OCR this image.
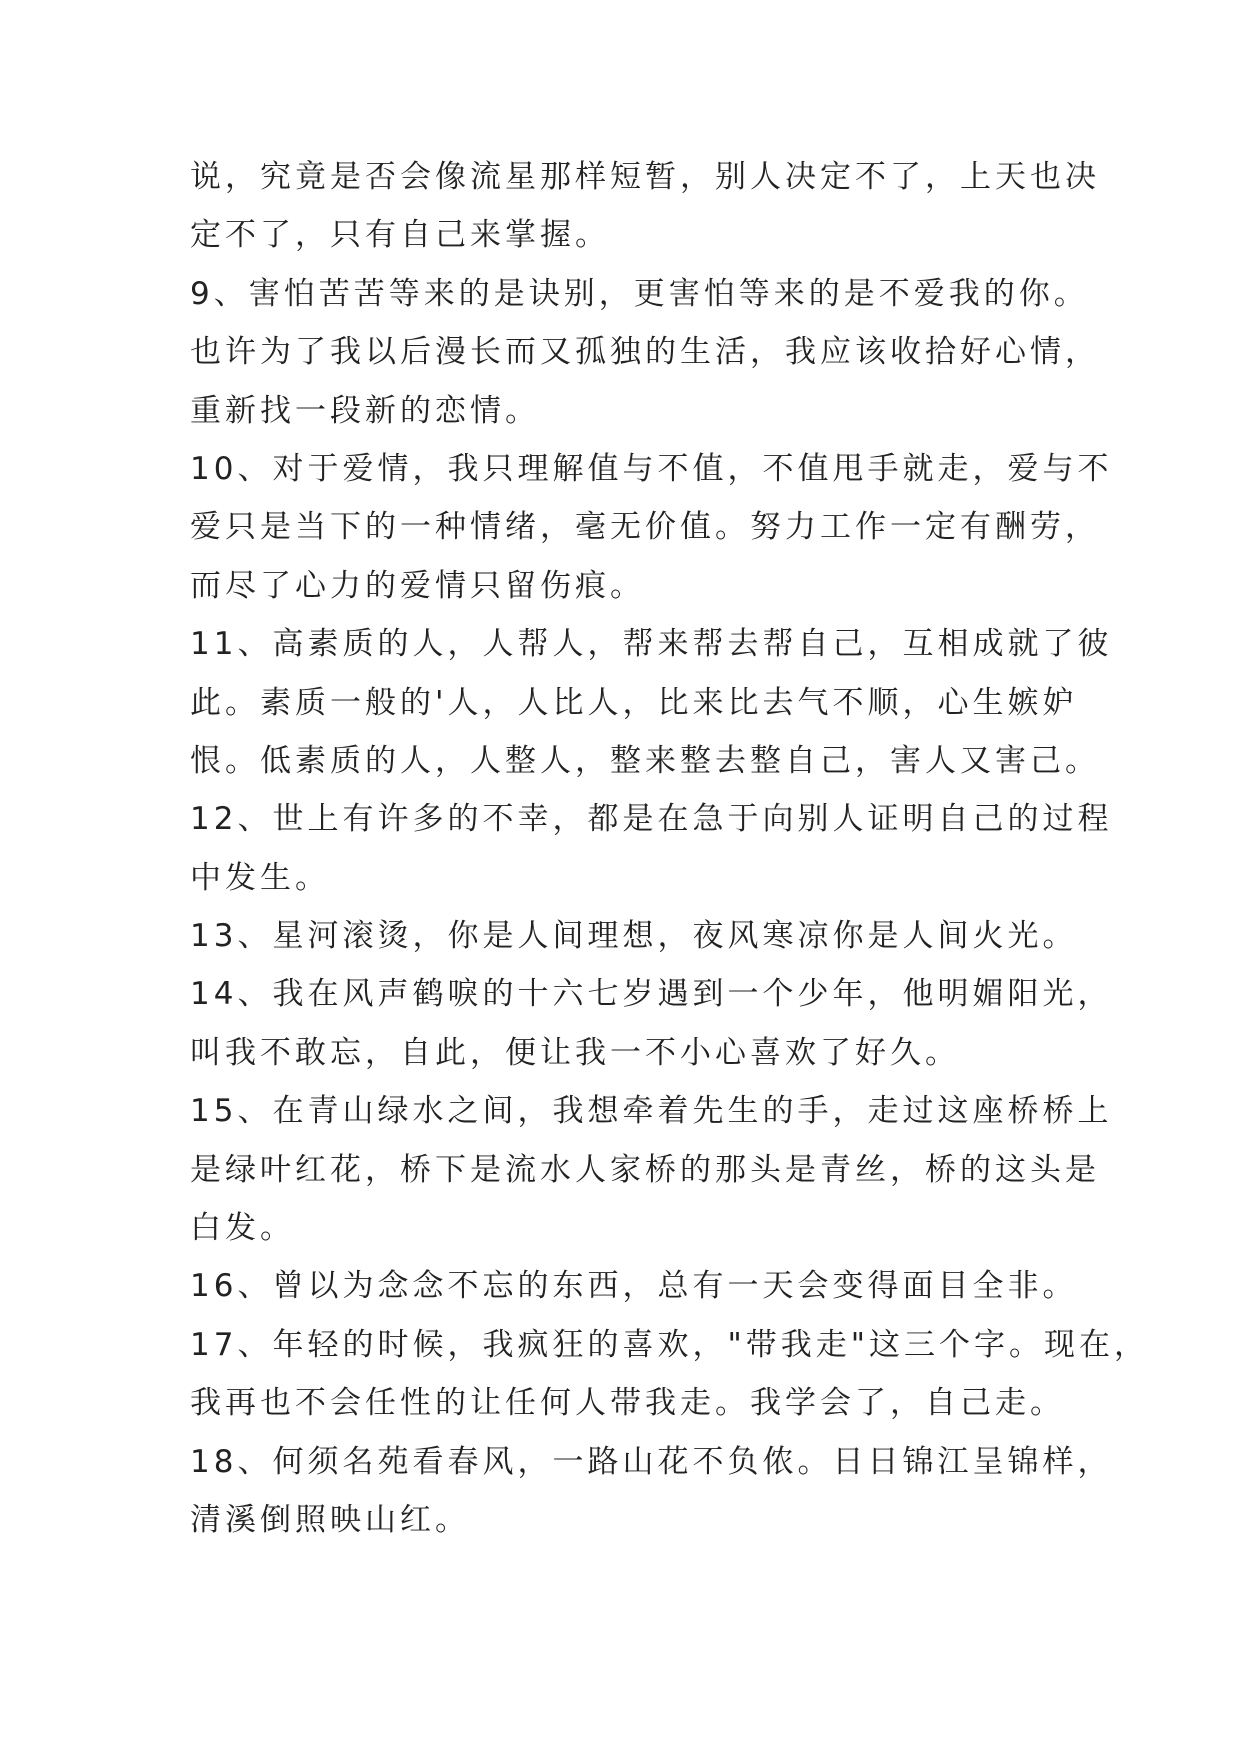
说，究竟是否会像流星那样短暂，别人决定不了，上天也决
定不了，只有自己来掌握。
9、害怕苦苦等来的是诀别，更害怕等来的是不爱我的你。
也许为了我以后漫长而又孤独的生活，我应该收拾好心情，
重新找一段新的恋情。
10、对于爱情，我只理解值与不值，不值甩手就走，爱与不
爱只是当下的一种情绪，毫无价值。努力工作一定有酬劳，
而尽了心力的爱情只留伤痕。
11、高素质的人，人帮人，帮来帮去帮自己，互相成就了彼
此。素质一般的'人，人比人，比来比去气不顺，心生嫉妒
恨。低素质的人，人整人，整来整去整自己，害人又害己。
12、世上有许多的不幸，都是在急于向别人证明自己的过程
中发生。
13、星河滚烫，你是人间理想，夜风寒凉你是人间火光。
14、我在风声鹤唳的十六七岁遇到一个少年，他明媚阳光，
叫我不敢忘，自此，便让我一不小心喜欢了好久。
15、在青山绿水之间，我想牵着先生的手，走过这座桥桥上
是绿叶红花，桥下是流水人家桥的那头是青丝，桥的这头是
白发。
16、曾以为念念不忘的东西，总有一天会变得面目全非。
17、年轻的时候，我疯狂的喜欢，"带我走"这三个字。现在，
我再也不会任性的让任何人带我走。我学会了，自己走。
18、何须名苑看春风，一路山花不负侬。日日锦江呈锦样，
清溪倒照映山红。
